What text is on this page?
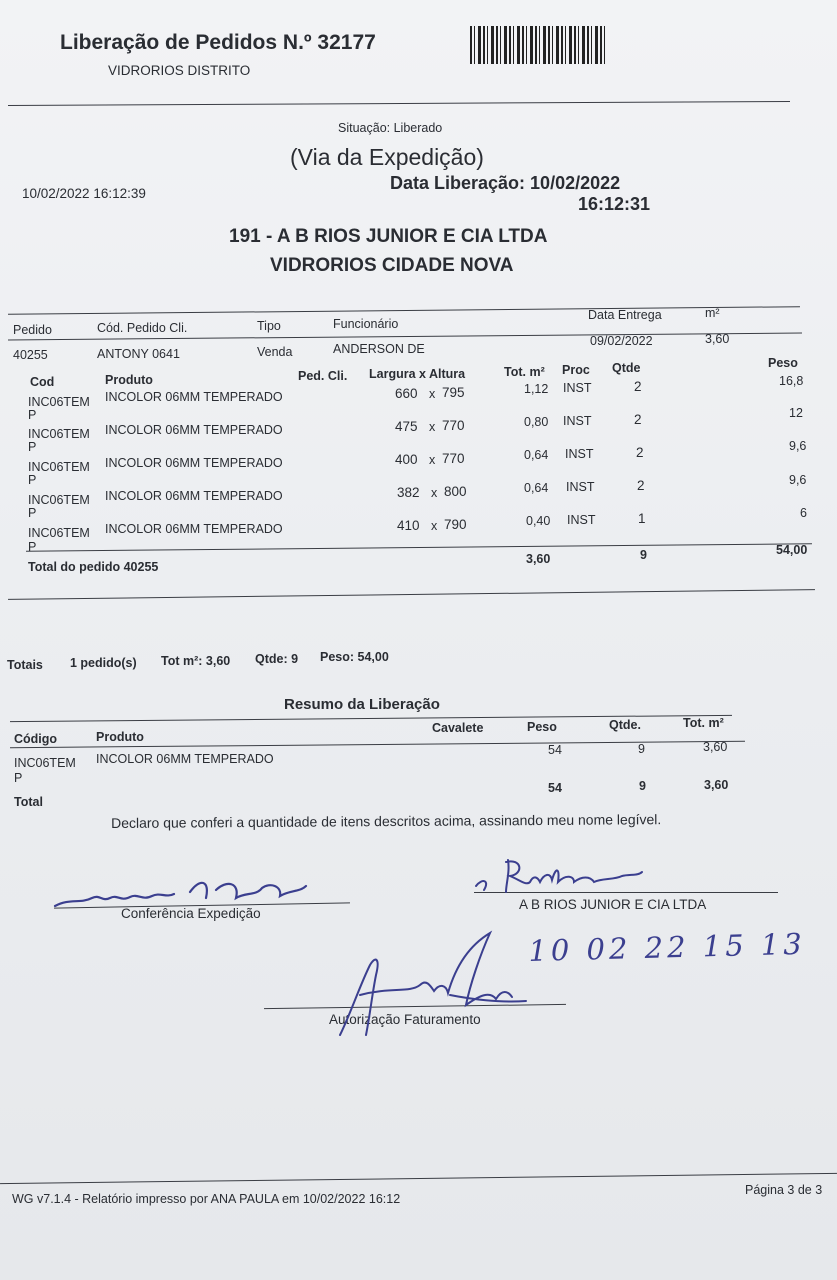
Liberação de Pedidos N.º 32177
VIDRORIOS DISTRITO
Situação: Liberado
(Via da Expedição)
10/02/2022 16:12:39
Data Liberação: 10/02/2022
16:12:31
191 - A B RIOS JUNIOR E CIA LTDA
VIDRORIOS CIDADE NOVA
Pedido	Cód. Pedido Cli.	Tipo	Funcionário
Data Entrega	m²
40255	ANTONY 0641	Venda	ANDERSON DE
09/02/2022	3,60
Cod	Produto	Ped. Cli. Largura x Altura	Tot. m² Proc Qtde	Peso
INC06TEM
P
INCOLOR 06MM TEMPERADO	660 x 795	1,12 INST	2	16,8
INC06TEM
P
INCOLOR 06MM TEMPERADO	475 x 770	0,80 INST	2	12
INC06TEM
P
INCOLOR 06MM TEMPERADO	400 x 770	0,64 INST	2	9,6
INC06TEM
P
INCOLOR 06MM TEMPERADO	382 x 800	0,64 INST	2	9,6
INC06TEM
P
INCOLOR 06MM TEMPERADO	410 x 790	0,40 INST	1	6
Total do pedido 40255
3,60	9	54,00
Totais 1 pedido(s) Tot m²: 3,60 Qtde: 9 Peso: 54,00
Resumo da Liberação
Código	Produto
Cavalete	Peso	Qtde.	Tot. m²
INC06TEM
P
INCOLOR 06MM TEMPERADO
54	9	3,60
Total
54	9	3,60
Declaro que conferi a quantidade de itens descritos acima, assinando meu nome legível.
Conferência Expedição
A B RIOS JUNIOR E CIA LTDA
Autorização Faturamento
10 02 22 15 13
WG v7.1.4 - Relatório impresso por ANA PAULA em 10/02/2022 16:12
Página 3 de 3
